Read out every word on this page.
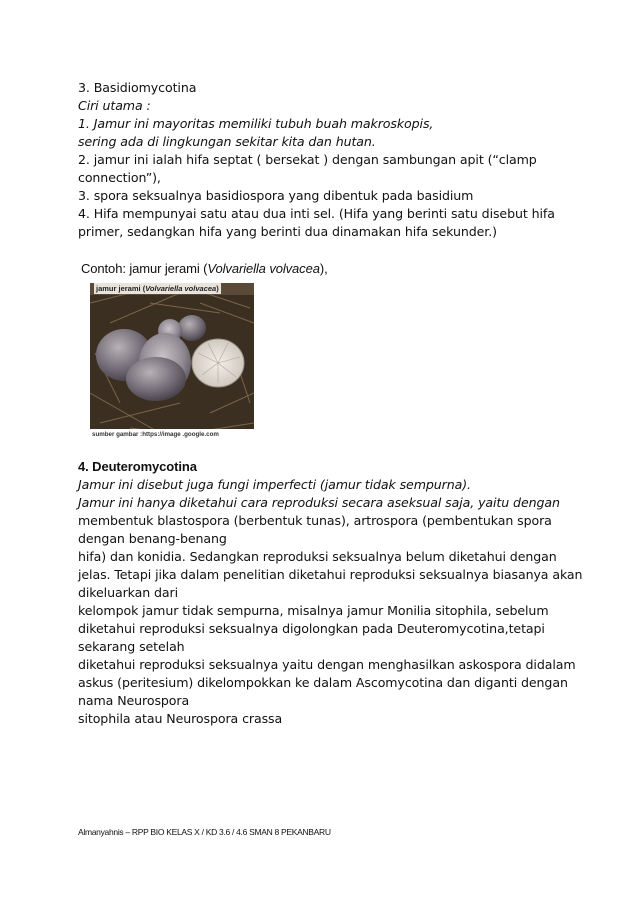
3. Basidiomycotina
Ciri utama :
1. Jamur ini mayoritas memiliki tubuh buah makroskopis,
sering ada di lingkungan sekitar kita dan hutan.
2. jamur ini ialah hifa septat ( bersekat ) dengan sambungan apit (“clamp
connection”),
3. spora seksualnya basidiospora yang dibentuk pada basidium
4. Hifa mempunyai satu atau dua inti sel. (Hifa yang berinti satu disebut hifa
primer, sedangkan hifa yang berinti dua dinamakan hifa sekunder.)
Contoh: jamur jerami (Volvariella volvacea),
jamur jerami (Volvariella volvacea)
sumber gambar :https://image .google.com
4. Deuteromycotina
Jamur ini disebut juga fungi imperfecti (jamur tidak sempurna).
Jamur ini hanya diketahui cara reproduksi secara aseksual saja, yaitu dengan
membentuk blastospora (berbentuk tunas), artrospora (pembentukan spora
dengan benang-benang
hifa) dan konidia. Sedangkan reproduksi seksualnya belum diketahui dengan
jelas. Tetapi jika dalam penelitian diketahui reproduksi seksualnya biasanya akan
dikeluarkan dari
kelompok jamur tidak sempurna, misalnya jamur Monilia sitophila, sebelum
diketahui reproduksi seksualnya digolongkan pada Deuteromycotina,tetapi
sekarang setelah
diketahui reproduksi seksualnya yaitu dengan menghasilkan askospora didalam
askus (peritesium) dikelompokkan ke dalam Ascomycotina dan diganti dengan
nama Neurospora
sitophila atau Neurospora crassa
Almanyahnis – RPP BIO KELAS X / KD 3.6 / 4.6 SMAN 8 PEKANBARU
